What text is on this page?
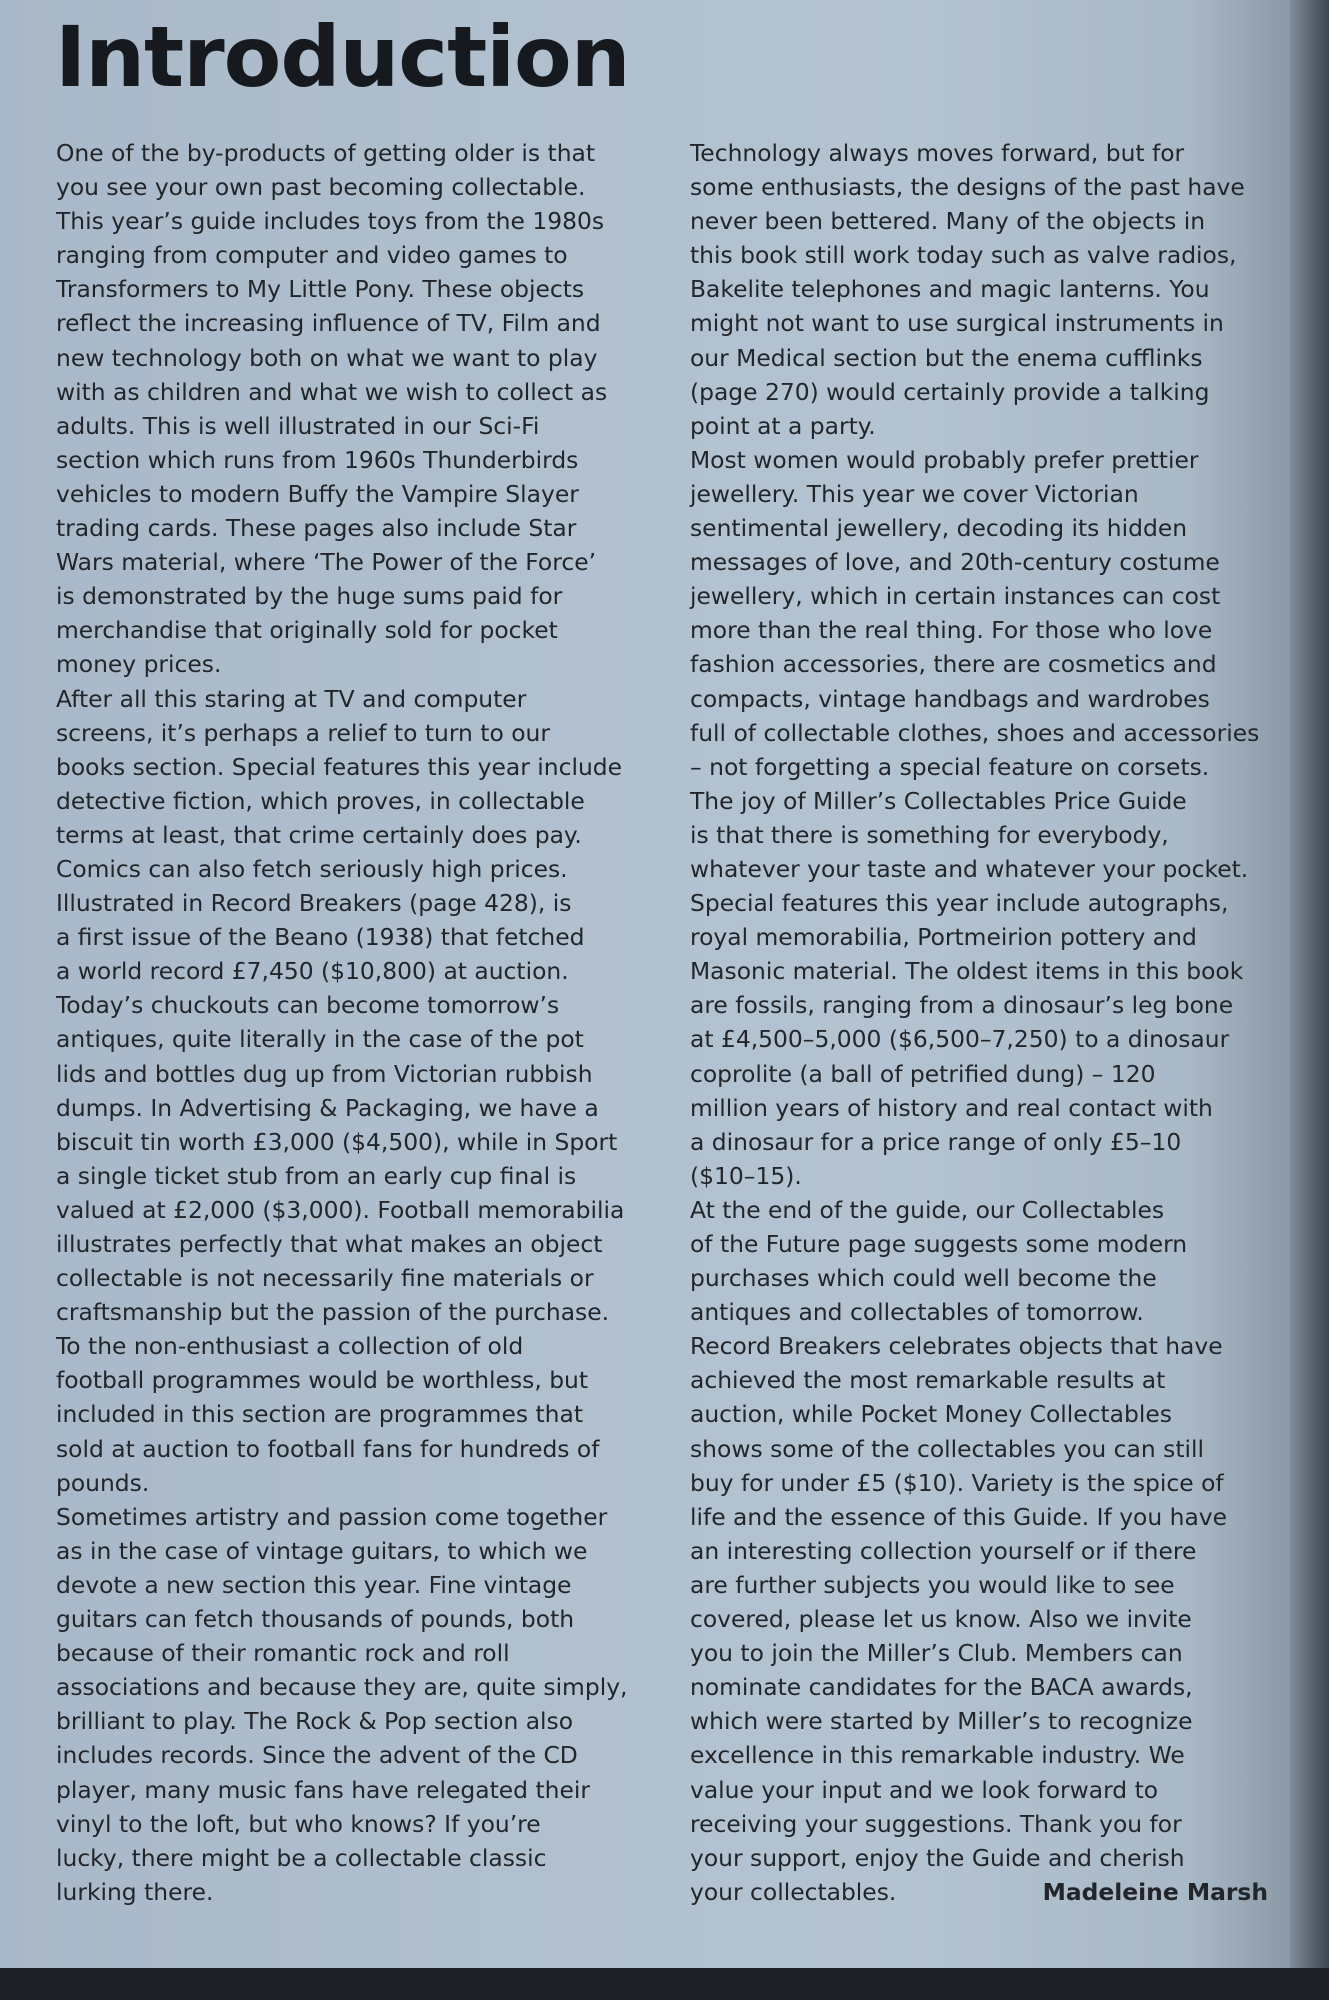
Introduction
One of the by-products of getting older is that
you see your own past becoming collectable.
This year’s guide includes toys from the 1980s
ranging from computer and video games to
Transformers to My Little Pony. These objects
reflect the increasing influence of TV, Film and
new technology both on what we want to play
with as children and what we wish to collect as
adults. This is well illustrated in our Sci-Fi
section which runs from 1960s Thunderbirds
vehicles to modern Buffy the Vampire Slayer
trading cards. These pages also include Star
Wars material, where ‘The Power of the Force’
is demonstrated by the huge sums paid for
merchandise that originally sold for pocket
money prices.
After all this staring at TV and computer
screens, it’s perhaps a relief to turn to our
books section. Special features this year include
detective fiction, which proves, in collectable
terms at least, that crime certainly does pay.
Comics can also fetch seriously high prices.
Illustrated in Record Breakers (page 428), is
a first issue of the Beano (1938) that fetched
a world record £7,450 ($10,800) at auction.
Today’s chuckouts can become tomorrow’s
antiques, quite literally in the case of the pot
lids and bottles dug up from Victorian rubbish
dumps. In Advertising & Packaging, we have a
biscuit tin worth £3,000 ($4,500), while in Sport
a single ticket stub from an early cup final is
valued at £2,000 ($3,000). Football memorabilia
illustrates perfectly that what makes an object
collectable is not necessarily fine materials or
craftsmanship but the passion of the purchase.
To the non-enthusiast a collection of old
football programmes would be worthless, but
included in this section are programmes that
sold at auction to football fans for hundreds of
pounds.
Sometimes artistry and passion come together
as in the case of vintage guitars, to which we
devote a new section this year. Fine vintage
guitars can fetch thousands of pounds, both
because of their romantic rock and roll
associations and because they are, quite simply,
brilliant to play. The Rock & Pop section also
includes records. Since the advent of the CD
player, many music fans have relegated their
vinyl to the loft, but who knows? If you’re
lucky, there might be a collectable classic
lurking there.
Technology always moves forward, but for
some enthusiasts, the designs of the past have
never been bettered. Many of the objects in
this book still work today such as valve radios,
Bakelite telephones and magic lanterns. You
might not want to use surgical instruments in
our Medical section but the enema cufflinks
(page 270) would certainly provide a talking
point at a party.
Most women would probably prefer prettier
jewellery. This year we cover Victorian
sentimental jewellery, decoding its hidden
messages of love, and 20th-century costume
jewellery, which in certain instances can cost
more than the real thing. For those who love
fashion accessories, there are cosmetics and
compacts, vintage handbags and wardrobes
full of collectable clothes, shoes and accessories
– not forgetting a special feature on corsets.
The joy of Miller’s Collectables Price Guide
is that there is something for everybody,
whatever your taste and whatever your pocket.
Special features this year include autographs,
royal memorabilia, Portmeirion pottery and
Masonic material. The oldest items in this book
are fossils, ranging from a dinosaur’s leg bone
at £4,500–5,000 ($6,500–7,250) to a dinosaur
coprolite (a ball of petrified dung) – 120
million years of history and real contact with
a dinosaur for a price range of only £5–10
($10–15).
At the end of the guide, our Collectables
of the Future page suggests some modern
purchases which could well become the
antiques and collectables of tomorrow.
Record Breakers celebrates objects that have
achieved the most remarkable results at
auction, while Pocket Money Collectables
shows some of the collectables you can still
buy for under £5 ($10). Variety is the spice of
life and the essence of this Guide. If you have
an interesting collection yourself or if there
are further subjects you would like to see
covered, please let us know. Also we invite
you to join the Miller’s Club. Members can
nominate candidates for the BACA awards,
which were started by Miller’s to recognize
excellence in this remarkable industry. We
value your input and we look forward to
receiving your suggestions. Thank you for
your support, enjoy the Guide and cherish
your collectables.	Madeleine Marsh
